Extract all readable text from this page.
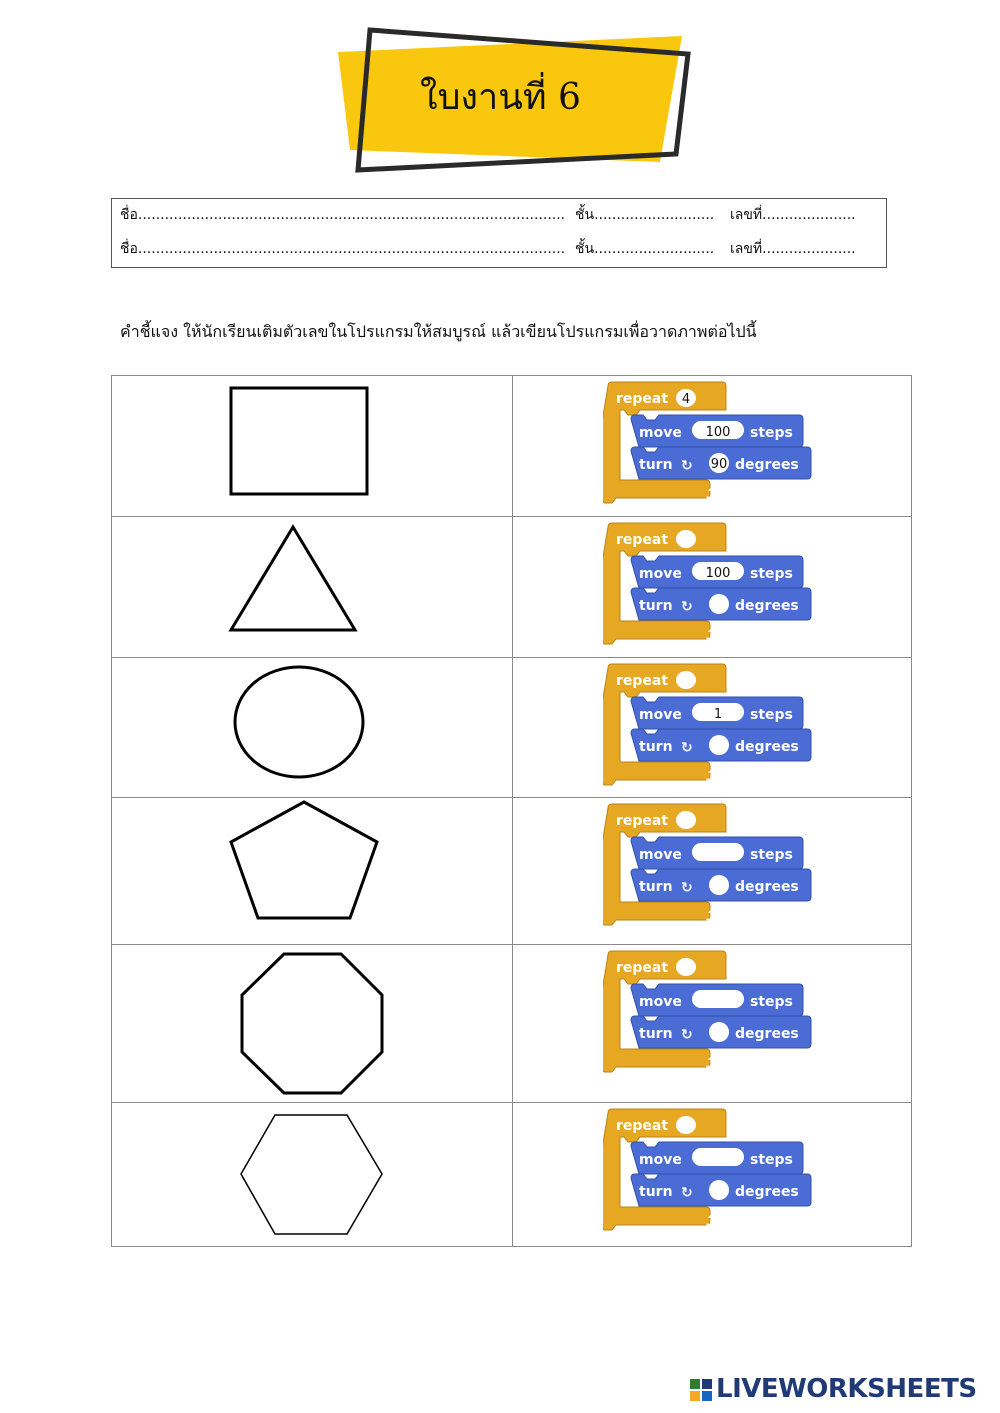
ใบงานที่ 6
ชื่อ................................................................................................ ชั้น........................... เลขที่.....................
ชื่อ................................................................................................ ชั้น........................... เลขที่.....................
คำชี้แจง ให้นักเรียนเติมตัวเลขในโปรแกรมให้สมบูรณ์ แล้วเขียนโปรแกรมเพื่อวาดภาพต่อไปนี้
repeat 4
move 100 steps
turn ↻ 90 degrees
⮥
repeat
move 100 steps
turn ↻	degrees
⮥
repeat
move 1 steps
turn ↻	degrees
⮥
repeat
move	steps
turn ↻	degrees
⮥
repeat
move	steps
turn ↻	degrees
⮥
repeat
move	steps
turn ↻	degrees
⮥
LIVEWORKSHEETS
